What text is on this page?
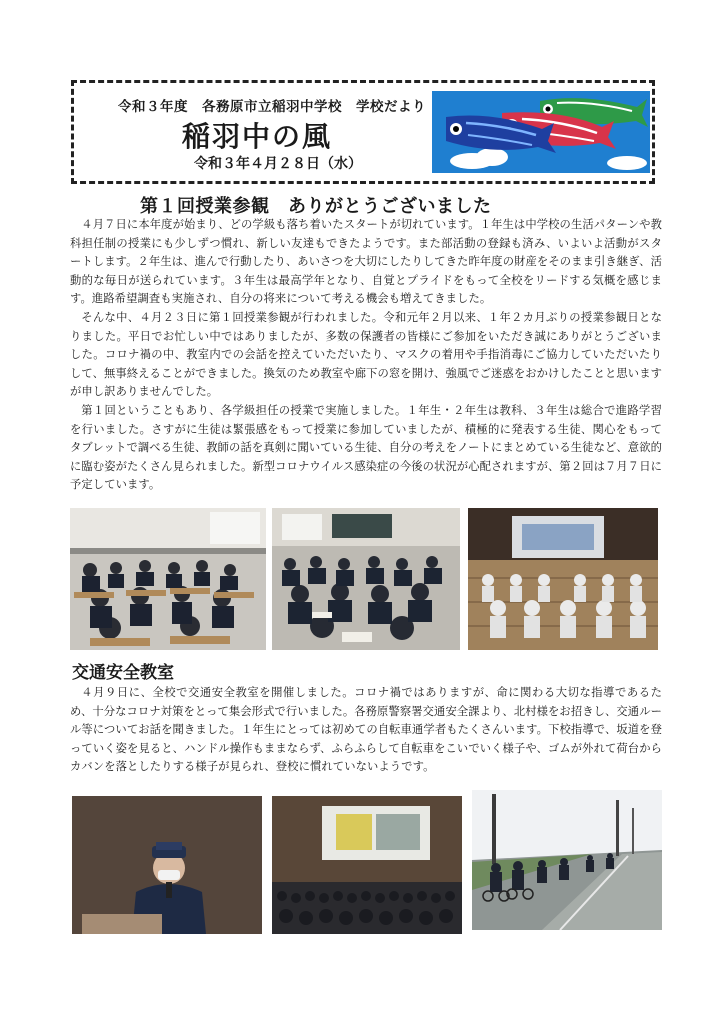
令和３年度　各務原市立稲羽中学校　学校だより
稲羽中の風
令和３年４月２８日（水）
第１回授業参観　ありがとうございました

４月７日に本年度が始まり、どの学級も落ち着いたスタートが切れています。１年生は中学校の生活パターンや教科担任制の授業にも少しずつ慣れ、新しい友達もできたようです。また部活動の登録も済み、いよいよ活動がスタートします。２年生は、進んで行動したり、あいさつを大切にしたりしてきた昨年度の財産をそのまま引き継ぎ、活動的な毎日が送られています。３年生は最高学年となり、自覚とプライドをもって全校をリードする気概を感じます。進路希望調査も実施され、自分の将来について考える機会も増えてきました。

そんな中、４月２３日に第１回授業参観が行われました。令和元年２月以来、１年２カ月ぶりの授業参観日となりました。平日でお忙しい中ではありましたが、多数の保護者の皆様にご参加をいただき誠にありがとうございました。コロナ禍の中、教室内での会話を控えていただいたり、マスクの着用や手指消毒にご協力していただいたりして、無事終えることができました。換気のため教室や廊下の窓を開け、強風でご迷惑をおかけしたことと思いますが申し訳ありませんでした。

第１回ということもあり、各学級担任の授業で実施しました。１年生・２年生は教科、３年生は総合で進路学習を行いました。さすがに生徒は緊張感をもって授業に参加していましたが、積極的に発表する生徒、関心をもってタブレットで調べる生徒、教師の話を真剣に聞いている生徒、自分の考えをノートにまとめている生徒など、意欲的に臨む姿がたくさん見られました。新型コロナウイルス感染症の今後の状況が心配されますが、第２回は７月７日に予定しています。

交通安全教室

４月９日に、全校で交通安全教室を開催しました。コロナ禍ではありますが、命に関わる大切な指導であるため、十分なコロナ対策をとって集会形式で行いました。各務原警察署交通安全課より、北村様をお招きし、交通ルール等についてお話を聞きました。１年生にとっては初めての自転車通学者もたくさんいます。下校指導で、坂道を登っていく姿を見ると、ハンドル操作もままならず、ふらふらして自転車をこいでいく様子や、ゴムが外れて荷台からカバンを落としたりする様子が見られ、登校に慣れていないようです。
